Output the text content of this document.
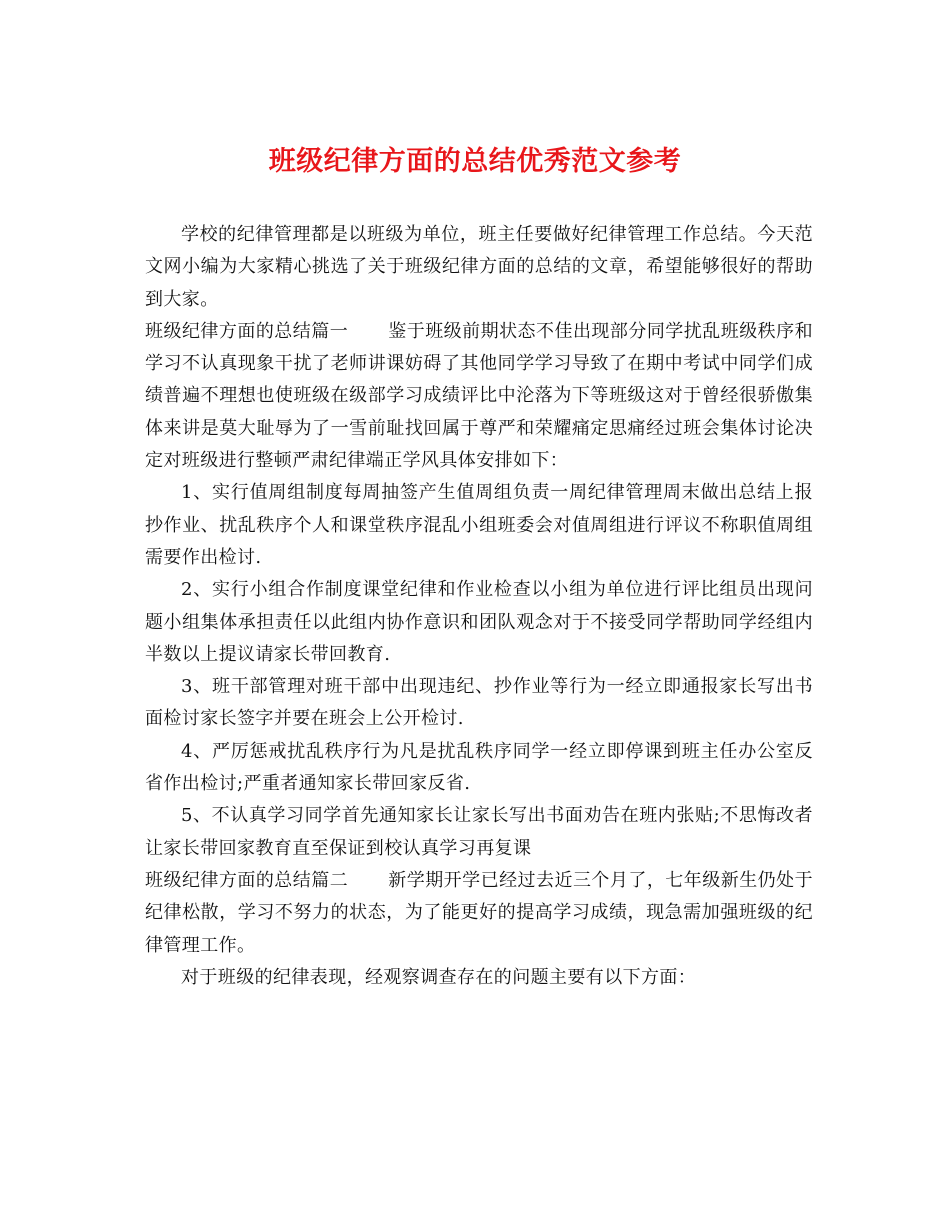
班级纪律方面的总结优秀范文参考

学校的纪律管理都是以班级为单位，班主任要做好纪律管理工作总结。今天范文网小编为大家精心挑选了关于班级纪律方面的总结的文章，希望能够很好的帮助到大家。

班级纪律方面的总结篇一 鉴于班级前期状态不佳出现部分同学扰乱班级秩序和学习不认真现象干扰了老师讲课妨碍了其他同学学习导致了在期中考试中同学们成绩普遍不理想也使班级在级部学习成绩评比中沦落为下等班级这对于曾经很骄傲集体来讲是莫大耻辱为了一雪前耻找回属于尊严和荣耀痛定思痛经过班会集体讨论决定对班级进行整顿严肃纪律端正学风具体安排如下：

1、实行值周组制度每周抽签产生值周组负责一周纪律管理周末做出总结上报抄作业、扰乱秩序个人和课堂秩序混乱小组班委会对值周组进行评议不称职值周组需要作出检讨.

2、实行小组合作制度课堂纪律和作业检查以小组为单位进行评比组员出现问题小组集体承担责任以此组内协作意识和团队观念对于不接受同学帮助同学经组内半数以上提议请家长带回教育.

3、班干部管理对班干部中出现违纪、抄作业等行为一经立即通报家长写出书面检讨家长签字并要在班会上公开检讨.

4、严厉惩戒扰乱秩序行为凡是扰乱秩序同学一经立即停课到班主任办公室反省作出检讨;严重者通知家长带回家反省.

5、不认真学习同学首先通知家长让家长写出书面劝告在班内张贴;不思悔改者让家长带回家教育直至保证到校认真学习再复课

班级纪律方面的总结篇二 新学期开学已经过去近三个月了，七年级新生仍处于纪律松散，学习不努力的状态，为了能更好的提高学习成绩，现急需加强班级的纪律管理工作。

对于班级的纪律表现，经观察调查存在的问题主要有以下方面：
